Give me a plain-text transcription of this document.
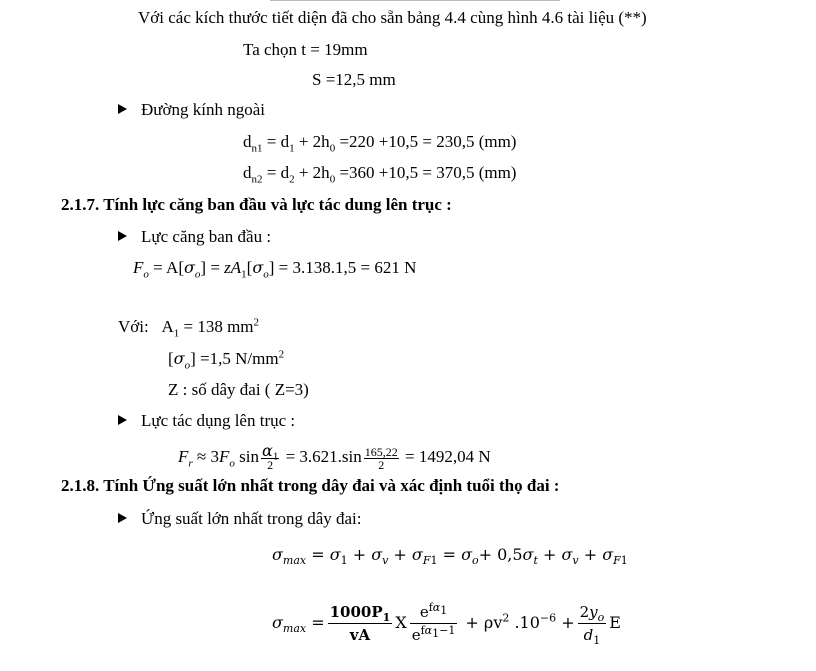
Với các kích thước tiết diện đã cho sẵn bảng 4.4 cùng hình 4.6 tài liệu (**)
Ta chọn t = 19mm
S =12,5 mm
Đường kính ngoài
$d_{n1} = d_1 + 2h_0 =220 +10,5 = 230,5$ (mm)
$d_{n2} = d_2 + 2h_0 =360 +10,5 = 370,5$ (mm)
2.1.7. Tính lực căng ban đầu và lực tác dung lên trục :
Lực căng ban đầu :
$F_o = A[\sigma_o] = zA_1[\sigma_o] = 3.138.1,5 = 621$ N
Với:   $A_1 = 138$ $mm^2$
$[\sigma_o] =1,5$ $N/mm^2$
Z : số dây đai ( Z=3)
Lực tác dụng lên trục :
$F_r \approx 3F_o$ $\sin \frac{\alpha_1}{2} = 3.621.\sin \frac{165,22}{2} = 1492,04$ N
2.1.8. Tính Ứng suất lớn nhất trong dây đai và xác định tuổi thọ đai :
Ứng suất lớn nhất trong dây đai:
$\sigma_{max} = \sigma_1 + \sigma_v + \sigma_{F1} = \sigma_o+ 0,5\sigma_t + \sigma_v + \sigma_{F1}$
$\sigma_{max} = \frac{1000P_1}{vA}$ X
$e^{f\alpha_1}$
$e^{f\alpha_1-1} + \rho v^2$ $.10^{-6} + \frac{2y_o}{d_1}$ E
